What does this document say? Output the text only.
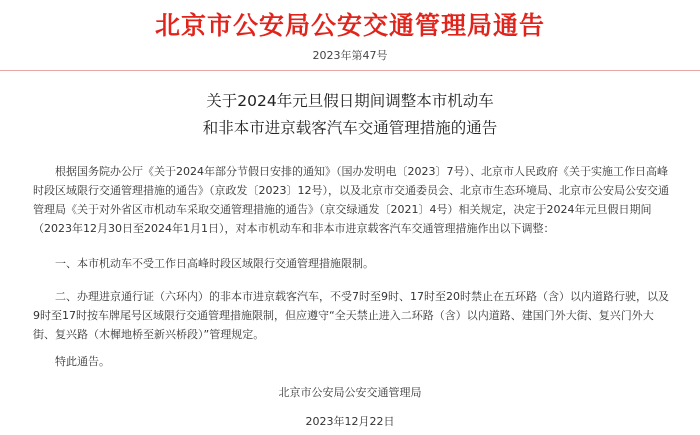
北京市公安局公安交通管理局通告
2023年第47号
关于2024年元旦假日期间调整本市机动车
和非本市进京载客汽车交通管理措施的通告

根据国务院办公厅《关于2024年部分节假日安排的通知》（国办发明电〔2023〕7号）、北京市人民政府《关于实施工作日高峰时段区域限行交通管理措施的通告》（京政发〔2023〕12号），以及北京市交通委员会、北京市生态环境局、北京市公安局公安交通管理局《关于对外省区市机动车采取交通管理措施的通告》（京交绿通发〔2021〕4号）相关规定，决定于2024年元旦假日期间（2023年12月30日至2024年1月1日），对本市机动车和非本市进京载客汽车交通管理措施作出以下调整：

一、本市机动车不受工作日高峰时段区域限行交通管理措施限制。

二、办理进京通行证（六环内）的非本市进京载客汽车，不受7时至9时、17时至20时禁止在五环路（含）以内道路行驶，以及9时至17时按车牌尾号区域限行交通管理措施限制，但应遵守“全天禁止进入二环路（含）以内道路、建国门外大街、复兴门外大街、复兴路（木樨地桥至新兴桥段）”管理规定。

特此通告。

北京市公安局公安交通管理局
2023年12月22日
